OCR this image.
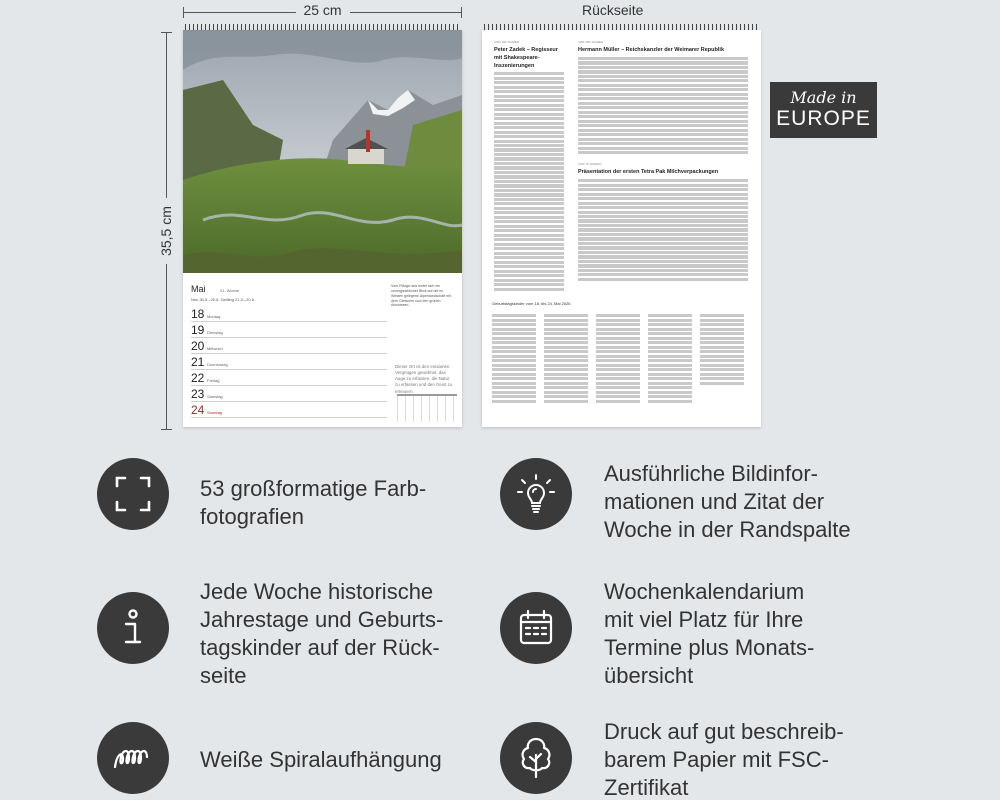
25 cm
35,5 cm
Rückseite
Mai	21. Woche
Neu 30.5.–20.6. Zwilling 21.5.–20.6.
18 Montag
19 Dienstag
20 Mittwoch
21 Donnerstag
22 Freitag
23 Samstag
24 Sonntag
Vom Rifugio aus bietet sich ein unvergleichlicher Blick auf die im Westen gelegene Alpenlandschaft mit dem Gletscher und den grünen Almwiesen.
Dieser Ort ist den einsamen Vergnügen gewidmet, das Auge zu erfassen, die Natur zu erfassen und den Geist zu erneuern.
VOR 100 JAHREN
Peter Zadek – Regisseur mit Shakespeare-Inszenierungen
VOR 150 JAHREN
Hermann Müller – Reichskanzler der Weimarer Republik
VOR 75 JAHREN
Präsentation der ersten Tetra Pak Milchverpackungen
Geburtstagskinder vom 18. bis 24. Mai 2026
Made in
EUROPE
53 großformatige Farb-
fotografien
Ausführliche Bildinfor-
mationen und Zitat der
Woche in der Randspalte
Jede Woche historische
Jahrestage und Geburts-
tagskinder auf der Rück-
seite
Wochenkalendarium
mit viel Platz für Ihre
Termine plus Monats-
übersicht
Weiße Spiralaufhängung
Druck auf gut beschreib-
barem Papier mit FSC-
Zertifikat
